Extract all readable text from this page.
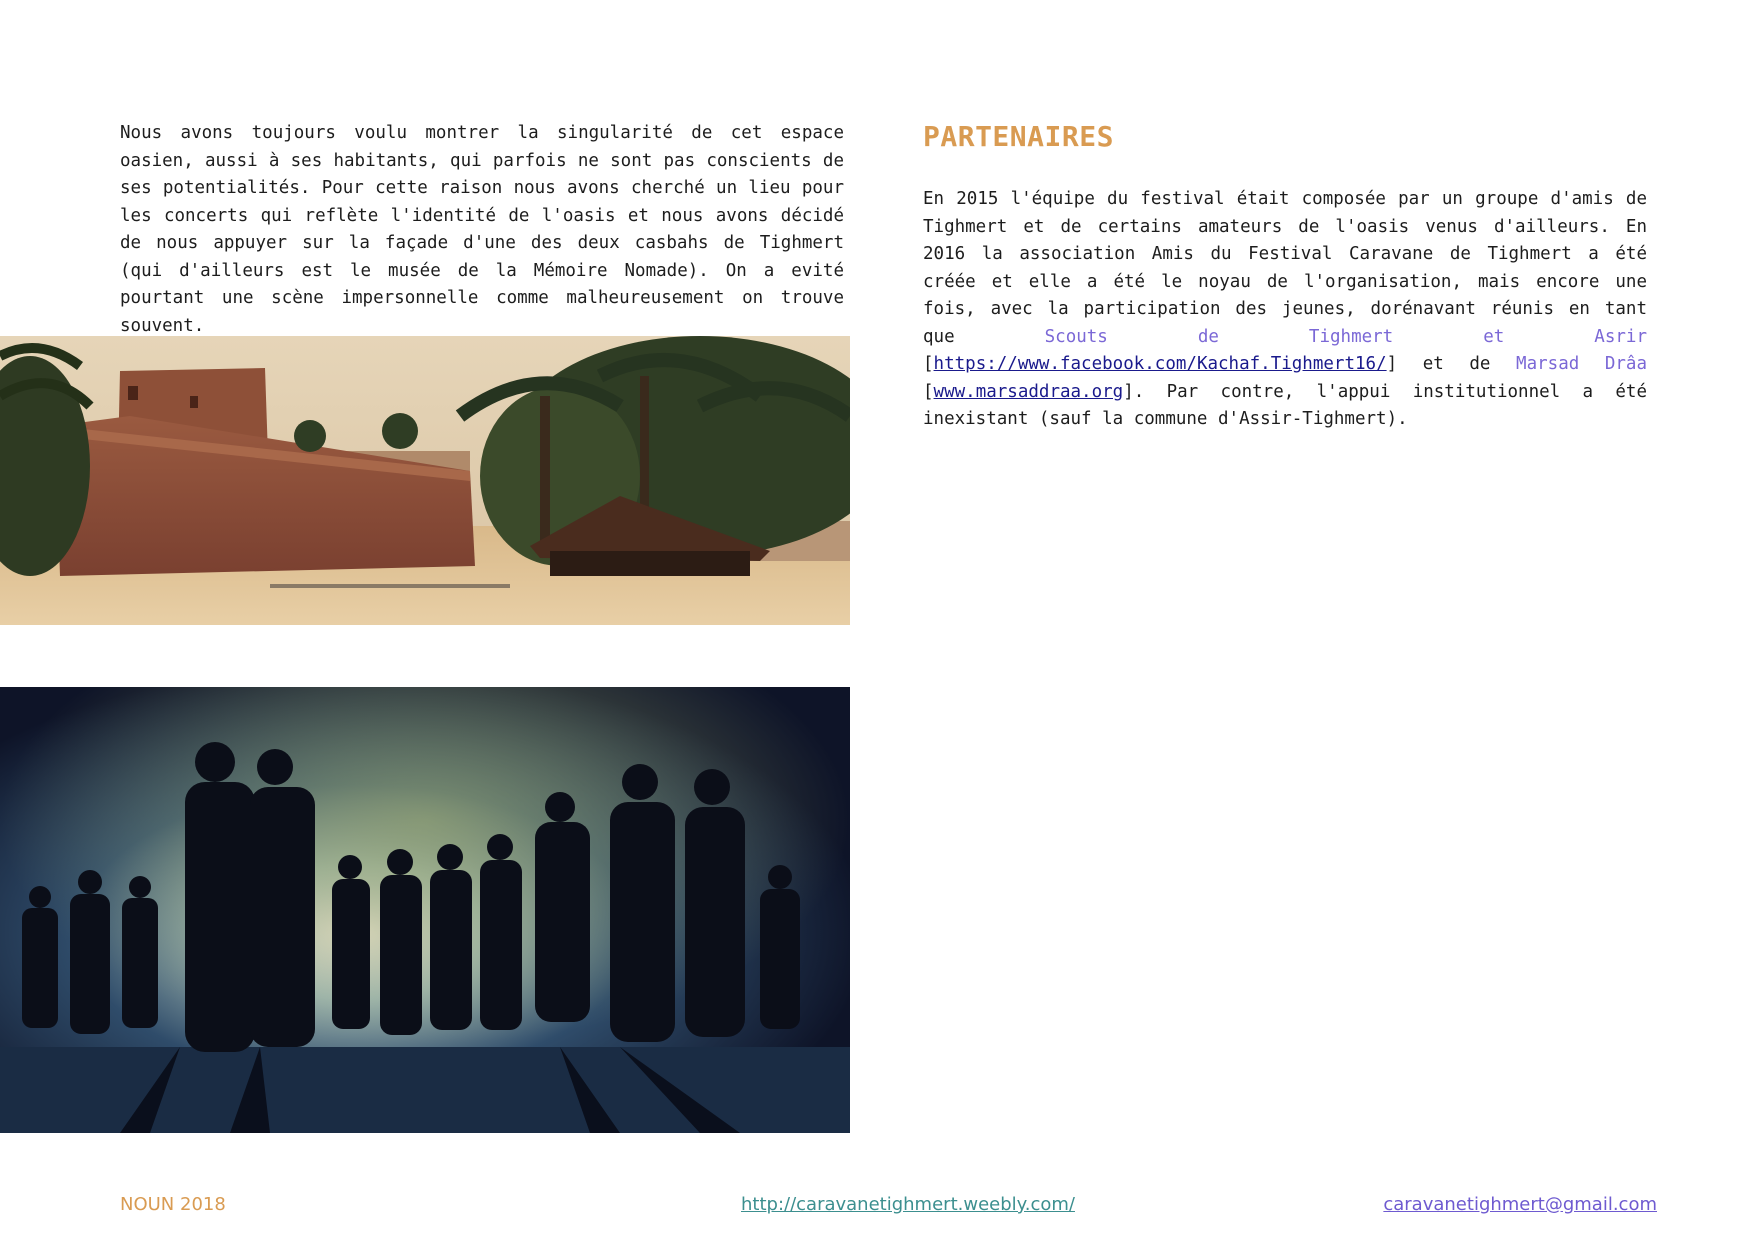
Nous avons toujours voulu montrer la singularité de cet espace oasien, aussi à ses habitants, qui parfois ne sont pas conscients de ses potentialités. Pour cette raison nous avons cherché un lieu pour les concerts qui reflète l'identité de l'oasis et nous avons décidé de nous appuyer sur la façade d'une des deux casbahs de Tighmert (qui d'ailleurs est le musée de la Mémoire Nomade). On a evité pourtant une scène impersonnelle comme malheureusement on trouve souvent.

PARTENAIRES

En 2015 l'équipe du festival était composée par un groupe d'amis de Tighmert et de certains amateurs de l'oasis venus d'ailleurs. En 2016 la association Amis du Festival Caravane de Tighmert a été créée et elle a été le noyau de l'organisation, mais encore une fois, avec la participation des jeunes, dorénavant réunis en tant que Scouts de Tighmert et Asrir [https://www.facebook.com/Kachaf.Tighmert16/] et de Marsad Drâa [www.marsaddraa.org]. Par contre, l'appui institutionnel a été inexistant (sauf la commune d'Assir-Tighmert).

NOUN 2018	http://caravanetighmert.weebly.com/	caravanetighmert@gmail.com
